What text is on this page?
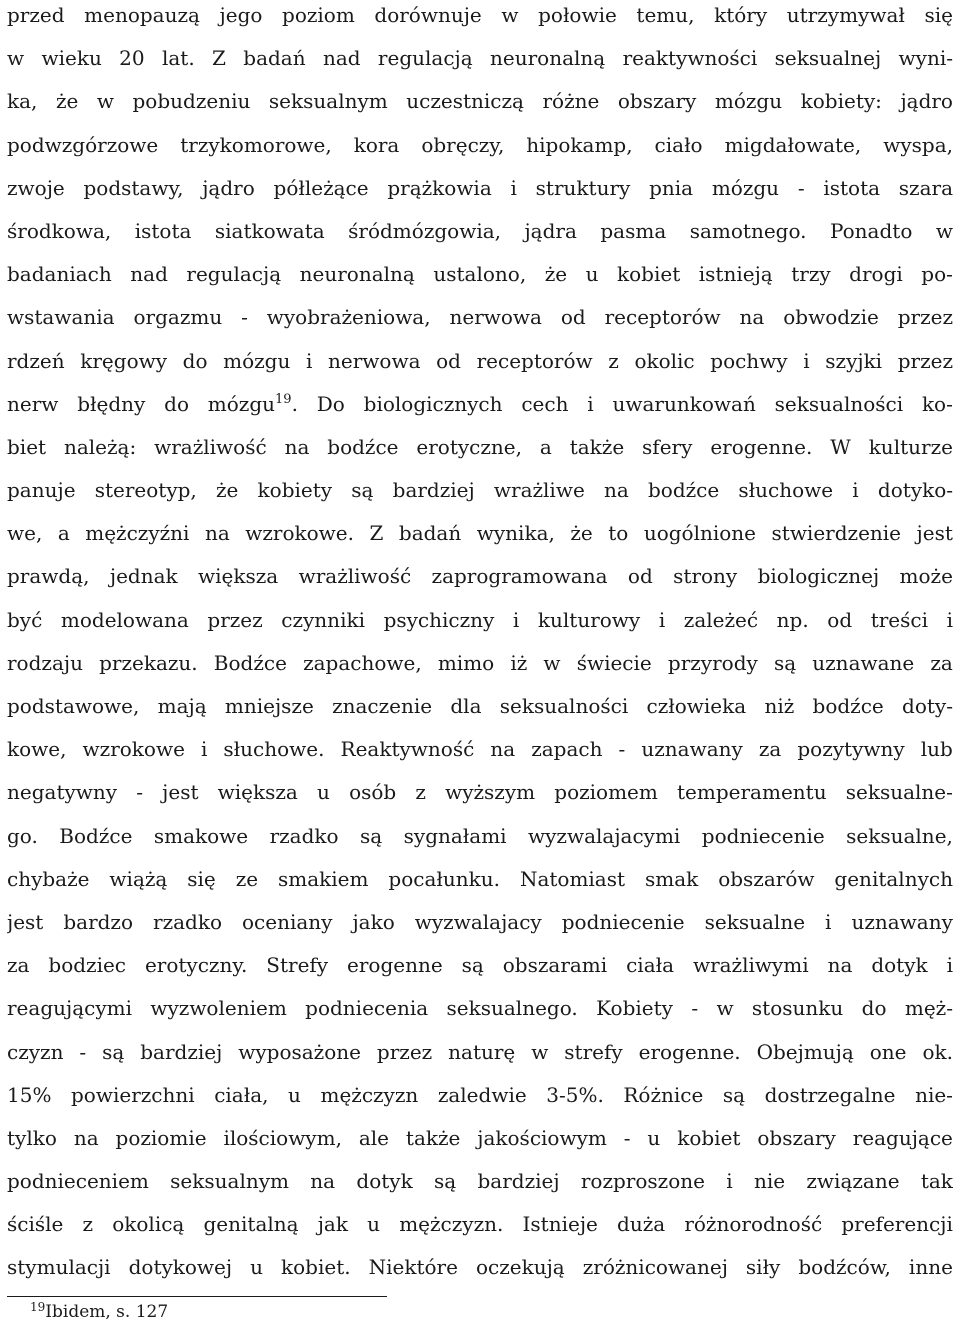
przed menopauzą jego poziom dorównuje w połowie temu, który utrzymywał się
w wieku 20 lat. Z badań nad regulacją neuronalną reaktywności seksualnej wyni-
ka, że w pobudzeniu seksualnym uczestniczą różne obszary mózgu kobiety: jądro
podwzgórzowe trzykomorowe, kora obręczy, hipokamp, ciało migdałowate, wyspa,
zwoje podstawy, jądro półleżące prążkowia i struktury pnia mózgu - istota szara
środkowa, istota siatkowata śródmózgowia, jądra pasma samotnego. Ponadto w
badaniach nad regulacją neuronalną ustalono, że u kobiet istnieją trzy drogi po-
wstawania orgazmu - wyobrażeniowa, nerwowa od receptorów na obwodzie przez
rdzeń kręgowy do mózgu i nerwowa od receptorów z okolic pochwy i szyjki przez
nerw błędny do mózgu$^{19}$. Do biologicznych cech i uwarunkowań seksualności ko-
biet należą: wrażliwość na bodźce erotyczne, a także sfery erogenne. W kulturze
panuje stereotyp, że kobiety są bardziej wrażliwe na bodźce słuchowe i dotyko-
we, a mężczyźni na wzrokowe. Z badań wynika, że to uogólnione stwierdzenie jest
prawdą, jednak większa wrażliwość zaprogramowana od strony biologicznej może
być modelowana przez czynniki psychiczny i kulturowy i zależeć np. od treści i
rodzaju przekazu. Bodźce zapachowe, mimo iż w świecie przyrody są uznawane za
podstawowe, mają mniejsze znaczenie dla seksualności człowieka niż bodźce doty-
kowe, wzrokowe i słuchowe. Reaktywność na zapach - uznawany za pozytywny lub
negatywny - jest większa u osób z wyższym poziomem temperamentu seksualne-
go. Bodźce smakowe rzadko są sygnałami wyzwalajacymi podniecenie seksualne,
chybaże wiążą się ze smakiem pocałunku. Natomiast smak obszarów genitalnych
jest bardzo rzadko oceniany jako wyzwalajacy podniecenie seksualne i uznawany
za bodziec erotyczny. Strefy erogenne są obszarami ciała wrażliwymi na dotyk i
reagującymi wyzwoleniem podniecenia seksualnego. Kobiety - w stosunku do męż-
czyzn - są bardziej wyposażone przez naturę w strefy erogenne. Obejmują one ok.
15% powierzchni ciała, u mężczyzn zaledwie 3-5%. Różnice są dostrzegalne nie-
tylko na poziomie ilościowym, ale także jakościowym - u kobiet obszary reagujące
podnieceniem seksualnym na dotyk są bardziej rozproszone i nie związane tak
ściśle z okolicą genitalną jak u mężczyzn. Istnieje duża różnorodność preferencji
stymulacji dotykowej u kobiet. Niektóre oczekują zróżnicowanej siły bodźców, inne
$^{19}$Ibidem, s. 127
